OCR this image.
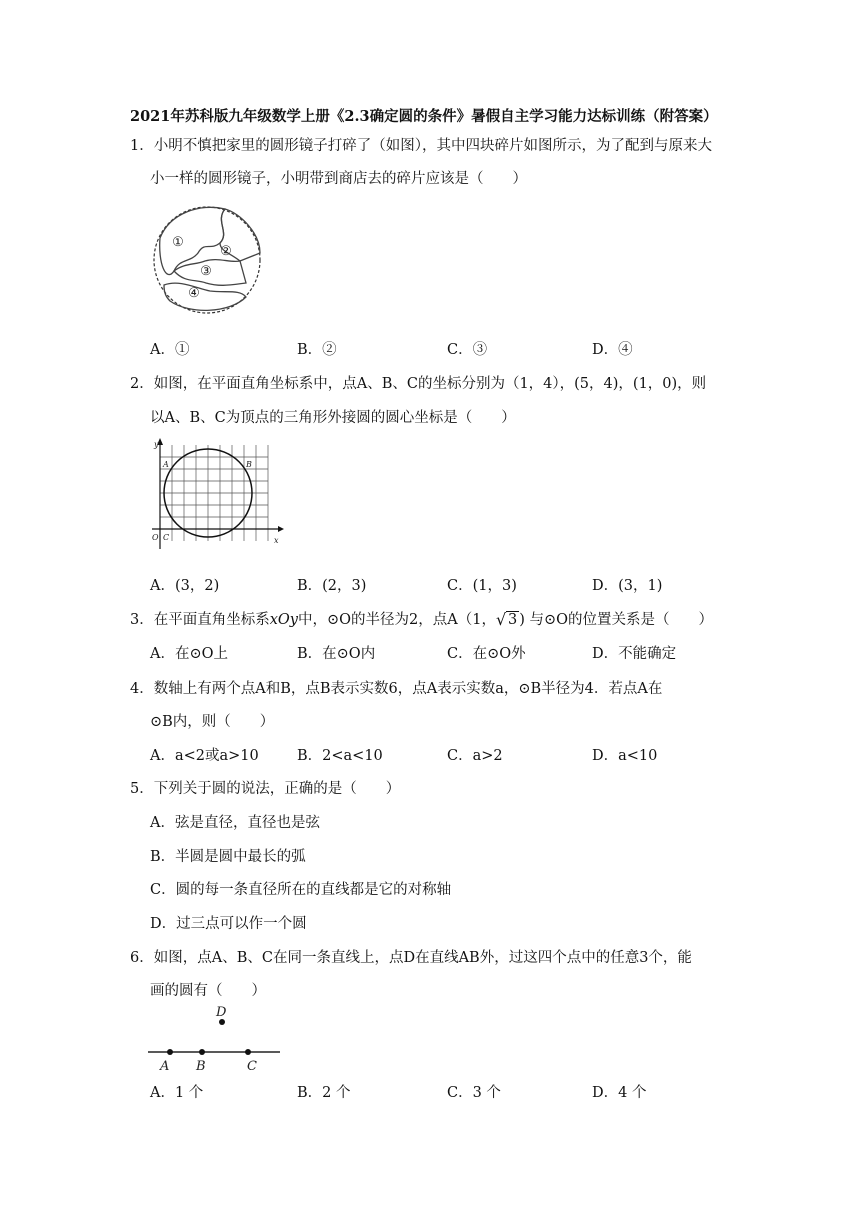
2021年苏科版九年级数学上册《2.3确定圆的条件》暑假自主学习能力达标训练（附答案）
1．小明不慎把家里的圆形镜子打碎了（如图），其中四块碎片如图所示，为了配到与原来大
小一样的圆形镜子，小明带到商店去的碎片应该是（　　）
①
②
③
④
A．①	B．②	C．③	D．④
2．如图，在平面直角坐标系中，点A、B、C的坐标分别为（1，4），(5，4)，(1，0)，则
以A、B、C为顶点的三角形外接圆的圆心坐标是（　　）
y
x
O
A	B
C
A．(3，2)	B．(2，3)	C．(1，3)	D．(3，1)
3．在平面直角坐标系xOy中，⊙O的半径为2，点A（1， √ 3 ) 与⊙O的位置关系是（　　）
A．在⊙O上	B．在⊙O内	C．在⊙O外	D．不能确定
4．数轴上有两个点A和B，点B表示实数6，点A表示实数a，⊙B半径为4．若点A在
⊙B内，则（　　）
A．a<2或a>10	B．2<a<10	C．a>2	D．a<10
5．下列关于圆的说法，正确的是（　　）
A．弦是直径，直径也是弦
B．半圆是圆中最长的弧
C．圆的每一条直径所在的直线都是它的对称轴
D．过三点可以作一个圆
6．如图，点A、B、C在同一条直线上，点D在直线AB外，过这四个点中的任意3个，能
画的圆有（　　）
D
A B	C
A．1 个	B．2 个	C．3 个	D．4 个
